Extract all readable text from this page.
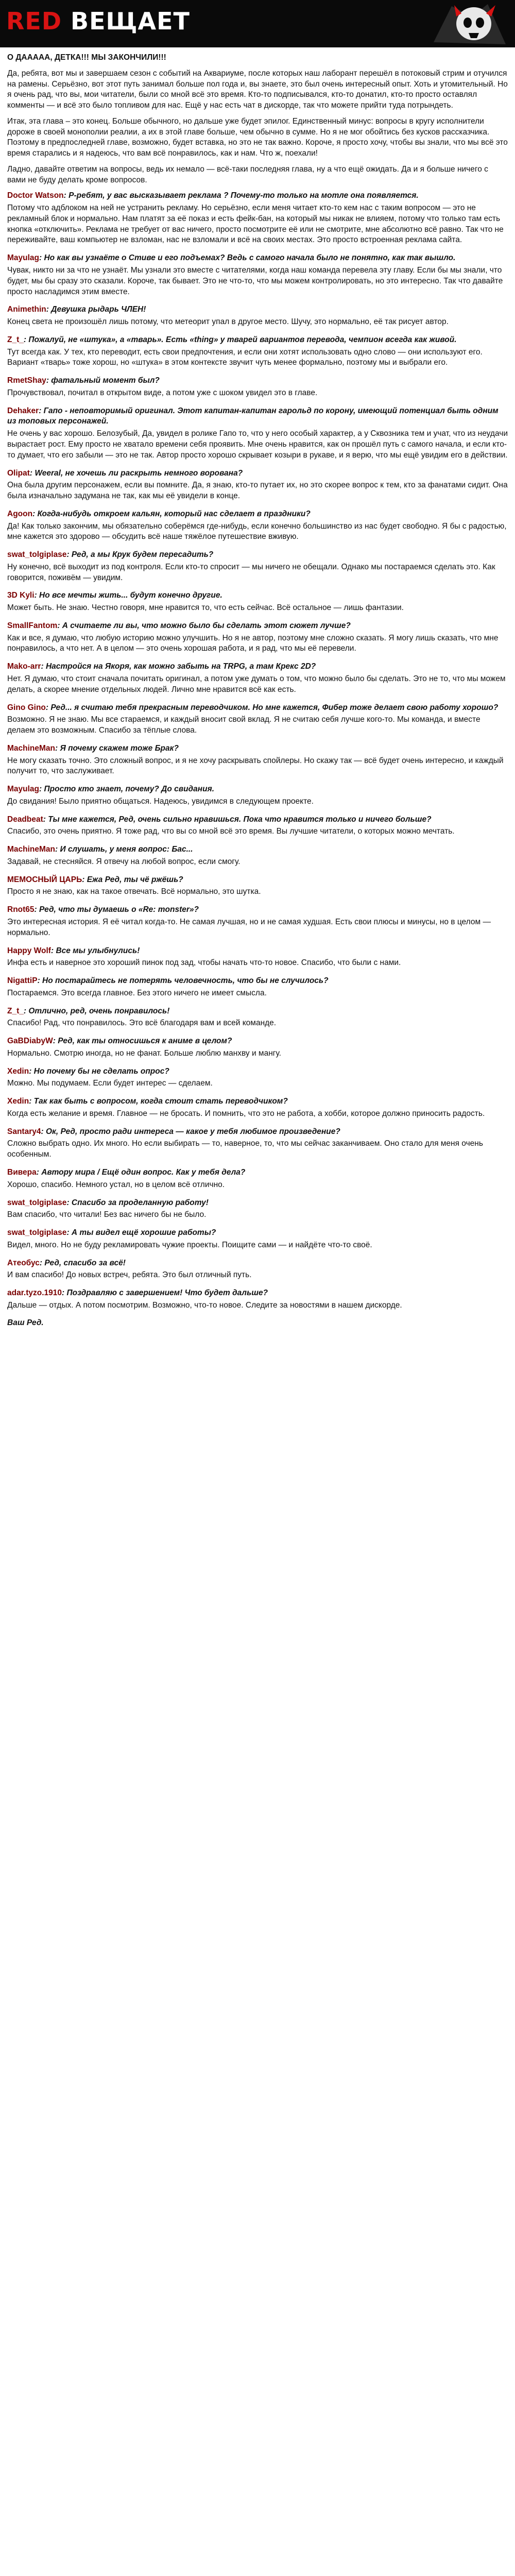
RED ВЕЩАЕТ

О ДААААА, ДЕТКА!!! МЫ ЗАКОНЧИЛИ!!!

Да, ребята, вот мы и завершаем сезон с событий на Аквариуме, после которых наш лаборант перешёл в потоковый стрим и отучился на рамены. Серьёзно, вот этот путь занимал больше пол года и, вы знаете, это был очень интересный опыт. Хоть и утомительный. Но я очень рад, что вы, мои читатели, были со мной всё это время. Кто-то подписывался, кто-то донатил, кто-то просто оставлял комменты — и всё это было топливом для нас. Ещё у нас есть чат в дискорде, так что можете прийти туда потрындеть.

Итак, эта глава – это конец. Больше обычного, но дальше уже будет эпилог. Единственный минус: вопросы в кругу исполнители дороже в своей монополии реалии, а их в этой главе больше, чем обычно в сумме. Но я не мог обойтись без кусков рассказчика. Поэтому в предпоследней главе, возможно, будет вставка, но это не так важно. Короче, я просто хочу, чтобы вы знали, что мы всё это время старались и я надеюсь, что вам всё понравилось, как и нам. Что ж, поехали!

Ладно, давайте ответим на вопросы, ведь их немало — всё-таки последняя глава, ну а что ещё ожидать. Да и я больше ничего с вами не буду делать кроме вопросов.

Doctor Watson: Р-ребят, у вас высказывает реклама ? Почему-то только на мотле она появляется.

Потому что адблоком на ней не устранить рекламу. Но серьёзно, если меня читает кто-то кем нас с таким вопросом — это не рекламный блок и нормально. Нам платят за её показ и есть фейк-бан, на который мы никак не влияем, потому что только там есть кнопка «отключить». Реклама не требует от вас ничего, просто посмотрите её или не смотрите, мне абсолютно всё равно. Так что не переживайте, ваш компьютер не взломан, нас не взломали и всё на своих местах. Это просто встроенная реклама сайта.

Mayulag: Но как вы узнаёте о Стиве и его подъемах? Ведь с самого начала было не понятно, как так вышло.

Чувак, никто ни за что не узнаёт. Мы узнали это вместе с читателями, когда наш команда перевела эту главу. Если бы мы знали, что будет, мы бы сразу это сказали. Короче, так бывает. Это не что-то, что мы можем контролировать, но это интересно. Так что давайте просто насладимся этим вместе.

Animethin: Девушка рыдарь ЧЛЕН!

Конец света не произошёл лишь потому, что метеорит упал в другое место. Шучу, это нормально, её так рисует автор.

Z_t_: Пожалуй, не «штука», а «тварь». Есть «thing» у тварей вариантов перевода, чемпион всегда как живой.

Тут всегда как. У тех, кто переводит, есть свои предпочтения, и если они хотят использовать одно слово — они используют его. Вариант «тварь» тоже хорош, но «штука» в этом контексте звучит чуть менее формально, поэтому мы и выбрали его.

RmetShay: фатальный момент был?

Прочувствовал, почитал в открытом виде, а потом уже с шоком увидел это в главе.

Dehaker: Гапо - неповторимый оригинал. Этот капитан-капитан гарольд по корону, имеющий потенциал быть одним из топовых персонажей.

Не очень у вас хорошо. Белозубый, Да, увидел в ролике Гапо то, что у него особый характер, а у Сквозника тем и учат, что из неудачи вырастает рост. Ему просто не хватало времени себя проявить. Мне очень нравится, как он прошёл путь с самого начала, и если кто-то думает, что его забыли — это не так. Автор просто хорошо скрывает козыри в рукаве, и я верю, что мы ещё увидим его в действии.

Olipat: Weeral, не хочешь ли раскрыть немного ворована?

Она была другим персонажем, если вы помните. Да, я знаю, кто-то путает их, но это скорее вопрос к тем, кто за фанатами сидит. Она была изначально задумана не так, как мы её увидели в конце.

Agoon: Когда-нибудь откроем кальян, который нас сделает в праздники?

Да! Как только закончим, мы обязательно соберёмся где-нибудь, если конечно большинство из нас будет свободно. Я бы с радостью, мне кажется это здорово — обсудить всё наше тяжёлое путешествие вживую.

swat_tolgiplase: Ред, а мы Крук будем пересадить?

Ну конечно, всё выходит из под контроля. Если кто-то спросит — мы ничего не обещали. Однако мы постараемся сделать это. Как говорится, поживём — увидим.

3D Kyli: Но все мечты жить... будут конечно другие.

Может быть. Не знаю. Честно говоря, мне нравится то, что есть сейчас. Всё остальное — лишь фантазии.

SmallFantom: А считаете ли вы, что можно было бы сделать этот сюжет лучше?

Как и все, я думаю, что любую историю можно улучшить. Но я не автор, поэтому мне сложно сказать. Я могу лишь сказать, что мне понравилось, а что нет. А в целом — это очень хорошая работа, и я рад, что мы её перевели.

Mako-arr: Настройся на Якоря, как можно забыть на TRPG, а там Крекс 2D?

Нет. Я думаю, что стоит сначала почитать оригинал, а потом уже думать о том, что можно было бы сделать. Это не то, что мы можем делать, а скорее мнение отдельных людей. Лично мне нравится всё как есть.

Gino Gino: Ред... я считаю тебя прекрасным переводчиком. Но мне кажется, Фибер тоже делает свою работу хорошо?

Возможно. Я не знаю. Мы все стараемся, и каждый вносит свой вклад. Я не считаю себя лучше кого-то. Мы команда, и вместе делаем это возможным. Спасибо за тёплые слова.

MachineMan: Я почему скажем тоже Брак?

Не могу сказать точно. Это сложный вопрос, и я не хочу раскрывать спойлеры. Но скажу так — всё будет очень интересно, и каждый получит то, что заслуживает.

Mayulag: Просто кто знает, почему? До свидания.

До свидания! Было приятно общаться. Надеюсь, увидимся в следующем проекте.

Deadbeat: Ты мне кажется, Ред, очень сильно нравишься. Пока что нравится только и ничего больше?

Спасибо, это очень приятно. Я тоже рад, что вы со мной всё это время. Вы лучшие читатели, о которых можно мечтать.

MachineMan: И слушать, у меня вопрос: Бас...

Задавай, не стесняйся. Я отвечу на любой вопрос, если смогу.

МЕМОСНЫЙ ЦАРЬ: Ежа Ред, ты чё ржёшь?

Просто я не знаю, как на такое отвечать. Всё нормально, это шутка.

Rnot65: Ред, что ты думаешь о «Re: monster»?

Это интересная история. Я её читал когда-то. Не самая лучшая, но и не самая худшая. Есть свои плюсы и минусы, но в целом — нормально.

Happy Wolf: Все мы улыбнулись!

Инфа есть и наверное это хороший пинок под зад, чтобы начать что-то новое. Спасибо, что были с нами.

NigattiP: Но постарайтесь не потерять человечность, что бы не случилось?

Постараемся. Это всегда главное. Без этого ничего не имеет смысла.

Z_t_: Отлично, ред, очень понравилось!

Спасибо! Рад, что понравилось. Это всё благодаря вам и всей команде.

GaBDiabyW: Ред, как ты относишься к аниме в целом?

Нормально. Смотрю иногда, но не фанат. Больше люблю манхву и мангу.

Xedin: Но почему бы не сделать опрос?

Можно. Мы подумаем. Если будет интерес — сделаем.

Xedin: Так как быть с вопросом, когда стоит стать переводчиком?

Когда есть желание и время. Главное — не бросать. И помнить, что это не работа, а хобби, которое должно приносить радость.

Santary4: Ок, Ред, просто ради интереса — какое у тебя любимое произведение?

Сложно выбрать одно. Их много. Но если выбирать — то, наверное, то, что мы сейчас заканчиваем. Оно стало для меня очень особенным.

Вивера: Автору мира / Ещё один вопрос. Как у тебя дела?

Хорошо, спасибо. Немного устал, но в целом всё отлично.

swat_tolgiplase: Спасибо за проделанную работу!

Вам спасибо, что читали! Без вас ничего бы не было.

swat_tolgiplase: А ты видел ещё хорошие работы?

Видел, много. Но не буду рекламировать чужие проекты. Поищите сами — и найдёте что-то своё.

Атеобус: Ред, спасибо за всё!

И вам спасибо! До новых встреч, ребята. Это был отличный путь.

adar.tyzo.1910: Поздравляю с завершением! Что будет дальше?

Дальше — отдых. А потом посмотрим. Возможно, что-то новое. Следите за новостями в нашем дискорде.

Ваш Ред.
